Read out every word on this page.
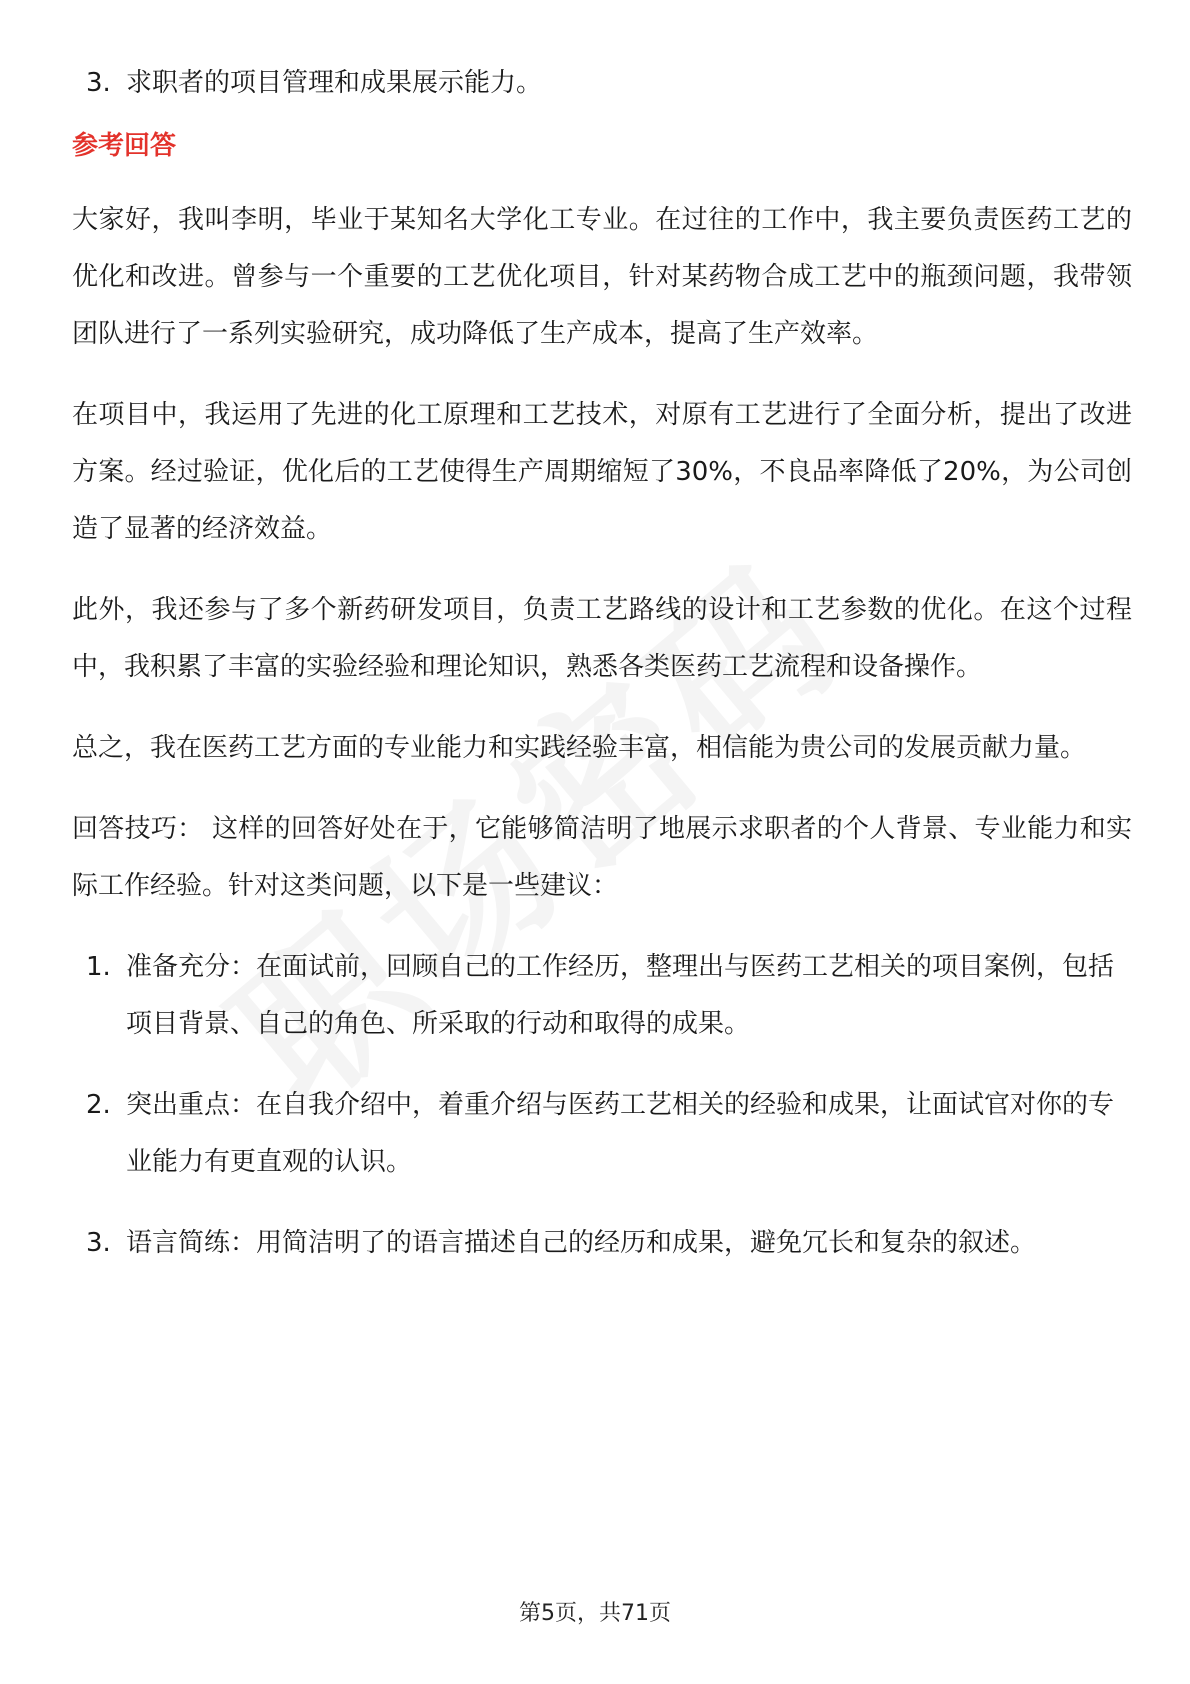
3. 求职者的项目管理和成果展示能力。
参考回答

大家好，我叫李明，毕业于某知名大学化工专业。在过往的工作中，我主要负责医药工艺的优化和改进。曾参与一个重要的工艺优化项目，针对某药物合成工艺中的瓶颈问题，我带领团队进行了一系列实验研究，成功降低了生产成本，提高了生产效率。

在项目中，我运用了先进的化工原理和工艺技术，对原有工艺进行了全面分析，提出了改进方案。经过验证，优化后的工艺使得生产周期缩短了30%，不良品率降低了20%，为公司创造了显著的经济效益。

此外，我还参与了多个新药研发项目，负责工艺路线的设计和工艺参数的优化。在这个过程中，我积累了丰富的实验经验和理论知识，熟悉各类医药工艺流程和设备操作。

总之，我在医药工艺方面的专业能力和实践经验丰富，相信能为贵公司的发展贡献力量。

回答技巧： 这样的回答好处在于，它能够简洁明了地展示求职者的个人背景、专业能力和实际工作经验。针对这类问题，以下是一些建议：

1. 准备充分：在面试前，回顾自己的工作经历，整理出与医药工艺相关的项目案例，包括项目背景、自己的角色、所采取的行动和取得的成果。
2. 突出重点：在自我介绍中，着重介绍与医药工艺相关的经验和成果，让面试官对你的专业能力有更直观的认识。
3. 语言简练：用简洁明了的语言描述自己的经历和成果，避免冗长和复杂的叙述。
第5页，共71页
